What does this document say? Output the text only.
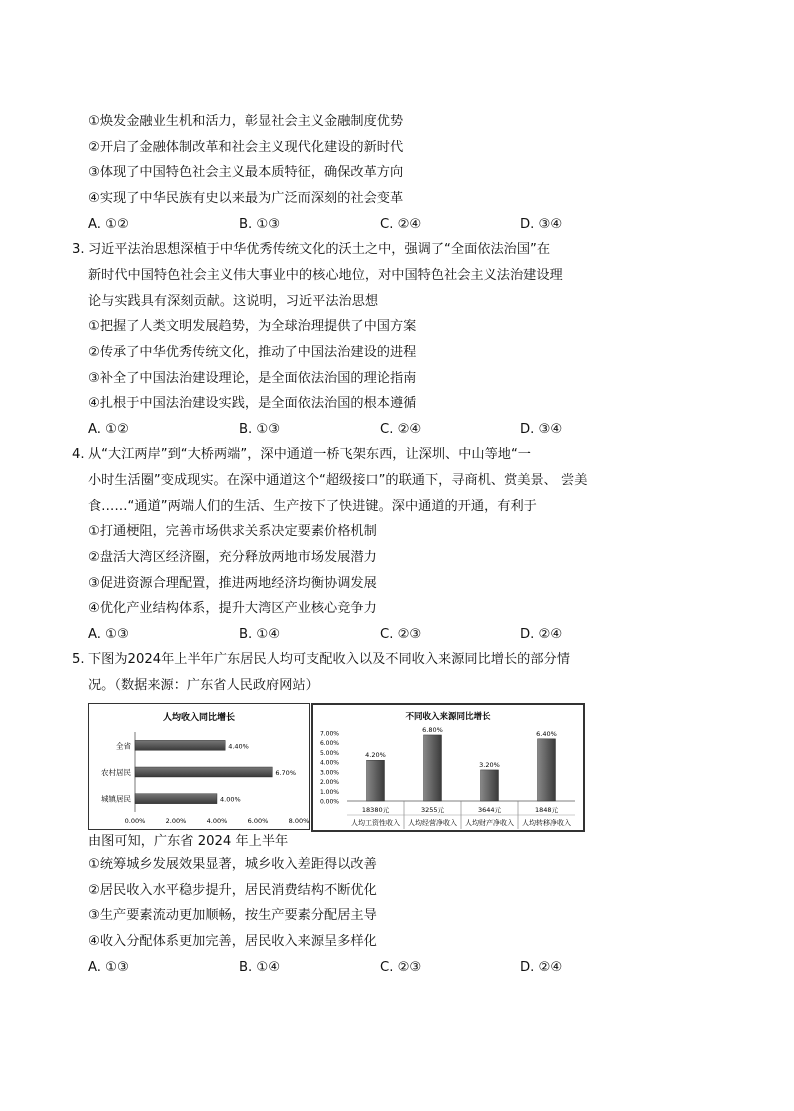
①焕发金融业生机和活力，彰显社会主义金融制度优势
②开启了金融体制改革和社会主义现代化建设的新时代
③体现了中国特色社会主义最本质特征，确保改革方向
④实现了中华民族有史以来最为广泛而深刻的社会变革
A. ①②	B. ①③	C. ②④	D. ③④
3. 习近平法治思想深植于中华优秀传统文化的沃土之中，强调了“全面依法治国”在
新时代中国特色社会主义伟大事业中的核心地位，对中国特色社会主义法治建设理
论与实践具有深刻贡献。这说明，习近平法治思想
①把握了人类文明发展趋势，为全球治理提供了中国方案
②传承了中华优秀传统文化，推动了中国法治建设的进程
③补全了中国法治建设理论，是全面依法治国的理论指南
④扎根于中国法治建设实践，是全面依法治国的根本遵循
A. ①②	B. ①③	C. ②④	D. ③④
4. 从“大江两岸”到“大桥两端”，深中通道一桥飞架东西，让深圳、中山等地“一
小时生活圈”变成现实。在深中通道这个“超级接口”的联通下，寻商机、赏美景、 尝美
食……“通道”两端人们的生活、生产按下了快进键。深中通道的开通，有利于
①打通梗阻，完善市场供求关系决定要素价格机制
②盘活大湾区经济圈，充分释放两地市场发展潜力
③促进资源合理配置，推进两地经济均衡协调发展
④优化产业结构体系，提升大湾区产业核心竞争力
A. ①③	B. ①④	C. ②③	D. ②④
5. 下图为2024年上半年广东居民人均可支配收入以及不同收入来源同比增长的部分情
况。（数据来源：广东省人民政府网站）
人均收入同比增长
全省	4.40%
农村居民	6.70%
城镇居民	4.00%
0.00%	2.00%	4.00%	6.00%	8.00%
不同收入来源同比增长
7.00%
6.00%
5.00%
4.00%
3.00%
2.00%
1.00%
0.00%
4.20%
18380元
人均工资性收入
6.80%
3255元
人均经营净收入
3.20%
3644元
人均财产净收入
6.40%
1848元
人均转移净收入
由图可知，广东省 2024 年上半年
①统筹城乡发展效果显著，城乡收入差距得以改善
②居民收入水平稳步提升，居民消费结构不断优化
③生产要素流动更加顺畅，按生产要素分配居主导
④收入分配体系更加完善，居民收入来源呈多样化
A. ①③	B. ①④	C. ②③	D. ②④
